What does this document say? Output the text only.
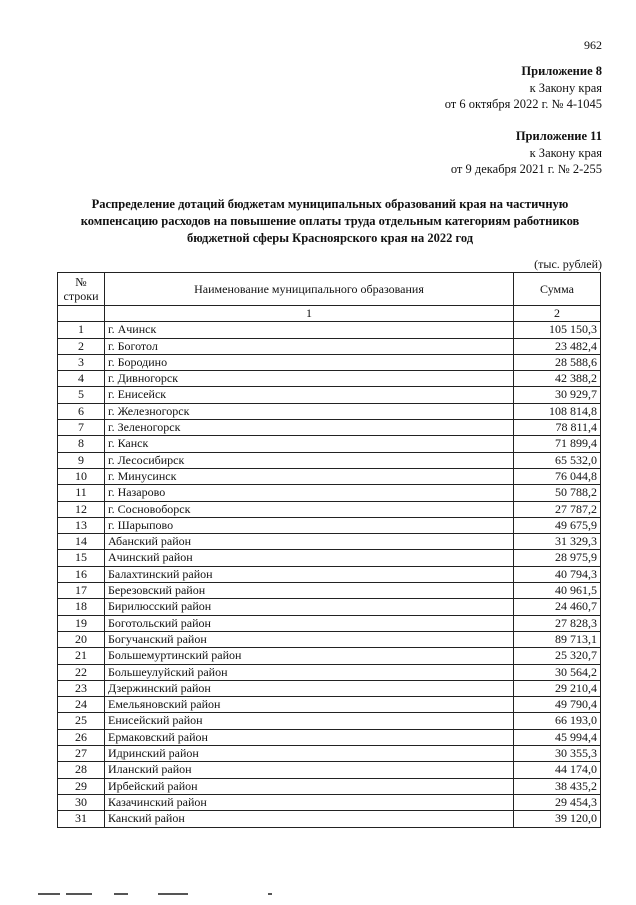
962
Приложение 8
к Закону края
от 6 октября 2022 г. № 4-1045
Приложение 11
к Закону края
от 9 декабря 2021 г. № 2-255
Распределение дотаций бюджетам муниципальных образований края на частичную
компенсацию расходов на повышение оплаты труда отдельным категориям работников
бюджетной сферы Красноярского края на 2022 год
(тыс. рублей)
№
строки	Наименование муниципального образования	Сумма
	1	2
1	г. Ачинск	105 150,3
2	г. Боготол	23 482,4
3	г. Бородино	28 588,6
4	г. Дивногорск	42 388,2
5	г. Енисейск	30 929,7
6	г. Железногорск	108 814,8
7	г. Зеленогорск	78 811,4
8	г. Канск	71 899,4
9	г. Лесосибирск	65 532,0
10	г. Минусинск	76 044,8
11	г. Назарово	50 788,2
12	г. Сосновоборск	27 787,2
13	г. Шарыпово	49 675,9
14	Абанский район	31 329,3
15	Ачинский район	28 975,9
16	Балахтинский район	40 794,3
17	Березовский район	40 961,5
18	Бирилюсский район	24 460,7
19	Боготольский район	27 828,3
20	Богучанский район	89 713,1
21	Большемуртинский район	25 320,7
22	Большеулуйский район	30 564,2
23	Дзержинский район	29 210,4
24	Емельяновский район	49 790,4
25	Енисейский район	66 193,0
26	Ермаковский район	45 994,4
27	Идринский район	30 355,3
28	Иланский район	44 174,0
29	Ирбейский район	38 435,2
30	Казачинский район	29 454,3
31	Канский район	39 120,0
